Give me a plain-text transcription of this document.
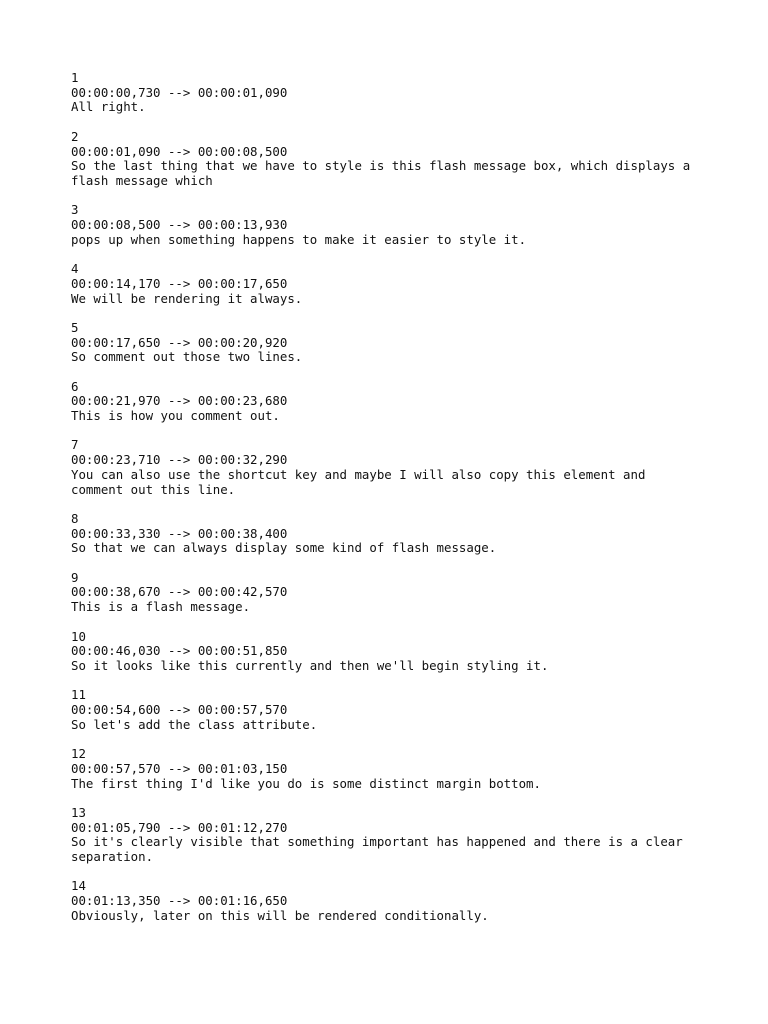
1
00:00:00,730 --> 00:00:01,090
All right.
2
00:00:01,090 --> 00:00:08,500
So the last thing that we have to style is this flash message box, which displays a
flash message which
3
00:00:08,500 --> 00:00:13,930
pops up when something happens to make it easier to style it.
4
00:00:14,170 --> 00:00:17,650
We will be rendering it always.
5
00:00:17,650 --> 00:00:20,920
So comment out those two lines.
6
00:00:21,970 --> 00:00:23,680
This is how you comment out.
7
00:00:23,710 --> 00:00:32,290
You can also use the shortcut key and maybe I will also copy this element and
comment out this line.
8
00:00:33,330 --> 00:00:38,400
So that we can always display some kind of flash message.
9
00:00:38,670 --> 00:00:42,570
This is a flash message.
10
00:00:46,030 --> 00:00:51,850
So it looks like this currently and then we'll begin styling it.
11
00:00:54,600 --> 00:00:57,570
So let's add the class attribute.
12
00:00:57,570 --> 00:01:03,150
The first thing I'd like you do is some distinct margin bottom.
13
00:01:05,790 --> 00:01:12,270
So it's clearly visible that something important has happened and there is a clear
separation.
14
00:01:13,350 --> 00:01:16,650
Obviously, later on this will be rendered conditionally.
